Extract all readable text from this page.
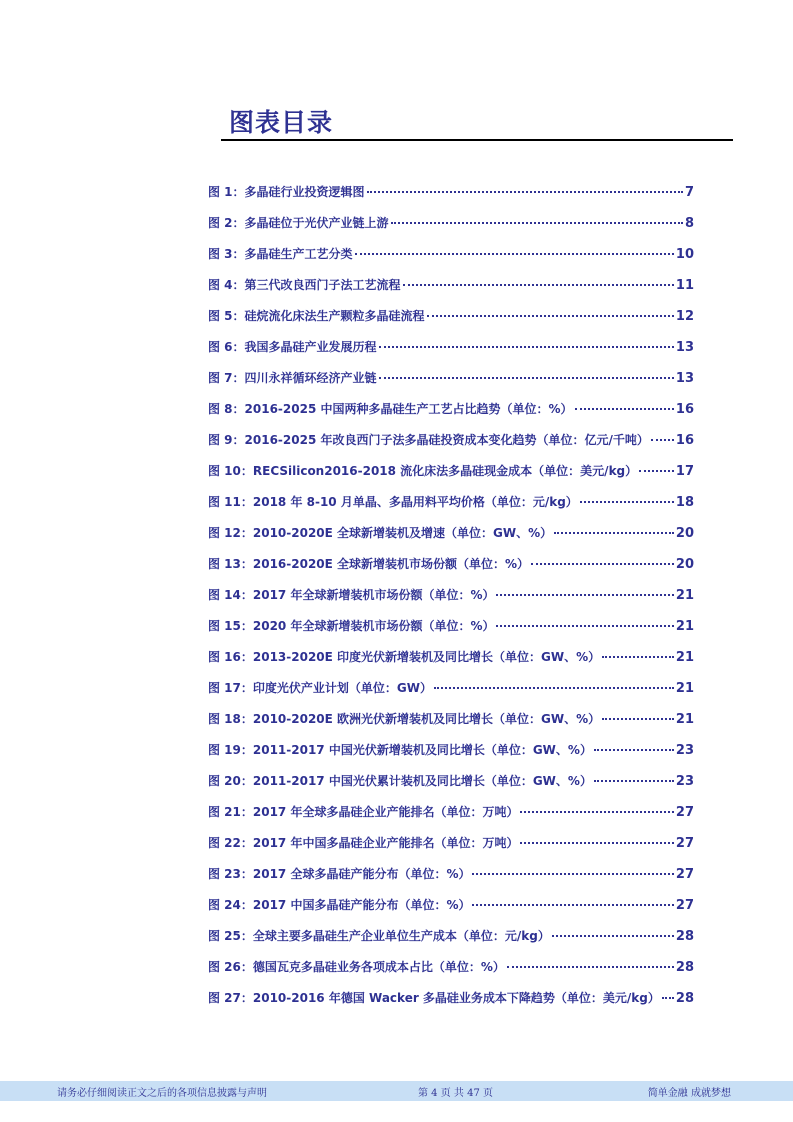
图表目录
图 1：多晶硅行业投资逻辑图	7
图 2：多晶硅位于光伏产业链上游	8
图 3：多晶硅生产工艺分类	10
图 4：第三代改良西门子法工艺流程	11
图 5：硅烷流化床法生产颗粒多晶硅流程	12
图 6：我国多晶硅产业发展历程	13
图 7：四川永祥循环经济产业链	13
图 8：2016-2025 中国两种多晶硅生产工艺占比趋势（单位：%）	16
图 9：2016-2025 年改良西门子法多晶硅投资成本变化趋势（单位：亿元/千吨） 16
图 10：RECSilicon2016-2018 流化床法多晶硅现金成本（单位：美元/kg）	17
图 11：2018 年 8-10 月单晶、多晶用料平均价格（单位：元/kg）	18
图 12：2010-2020E 全球新增装机及增速（单位：GW、%）	20
图 13：2016-2020E 全球新增装机市场份额（单位：%）	20
图 14：2017 年全球新增装机市场份额（单位：%）	21
图 15：2020 年全球新增装机市场份额（单位：%）	21
图 16：2013-2020E 印度光伏新增装机及同比增长（单位：GW、%）	21
图 17：印度光伏产业计划（单位：GW）	21
图 18：2010-2020E 欧洲光伏新增装机及同比增长（单位：GW、%）	21
图 19：2011-2017 中国光伏新增装机及同比增长（单位：GW、%）	23
图 20：2011-2017 中国光伏累计装机及同比增长（单位：GW、%）	23
图 21：2017 年全球多晶硅企业产能排名（单位：万吨）	27
图 22：2017 年中国多晶硅企业产能排名（单位：万吨）	27
图 23：2017 全球多晶硅产能分布（单位：%）	27
图 24：2017 中国多晶硅产能分布（单位：%）	27
图 25：全球主要多晶硅生产企业单位生产成本（单位：元/kg）	28
图 26：德国瓦克多晶硅业务各项成本占比（单位：%）	28
图 27：2010-2016 年德国 Wacker 多晶硅业务成本下降趋势（单位：美元/kg） 28
请务必仔细阅读正文之后的各项信息披露与声明	第 4 页 共 47 页	简单金融 成就梦想
